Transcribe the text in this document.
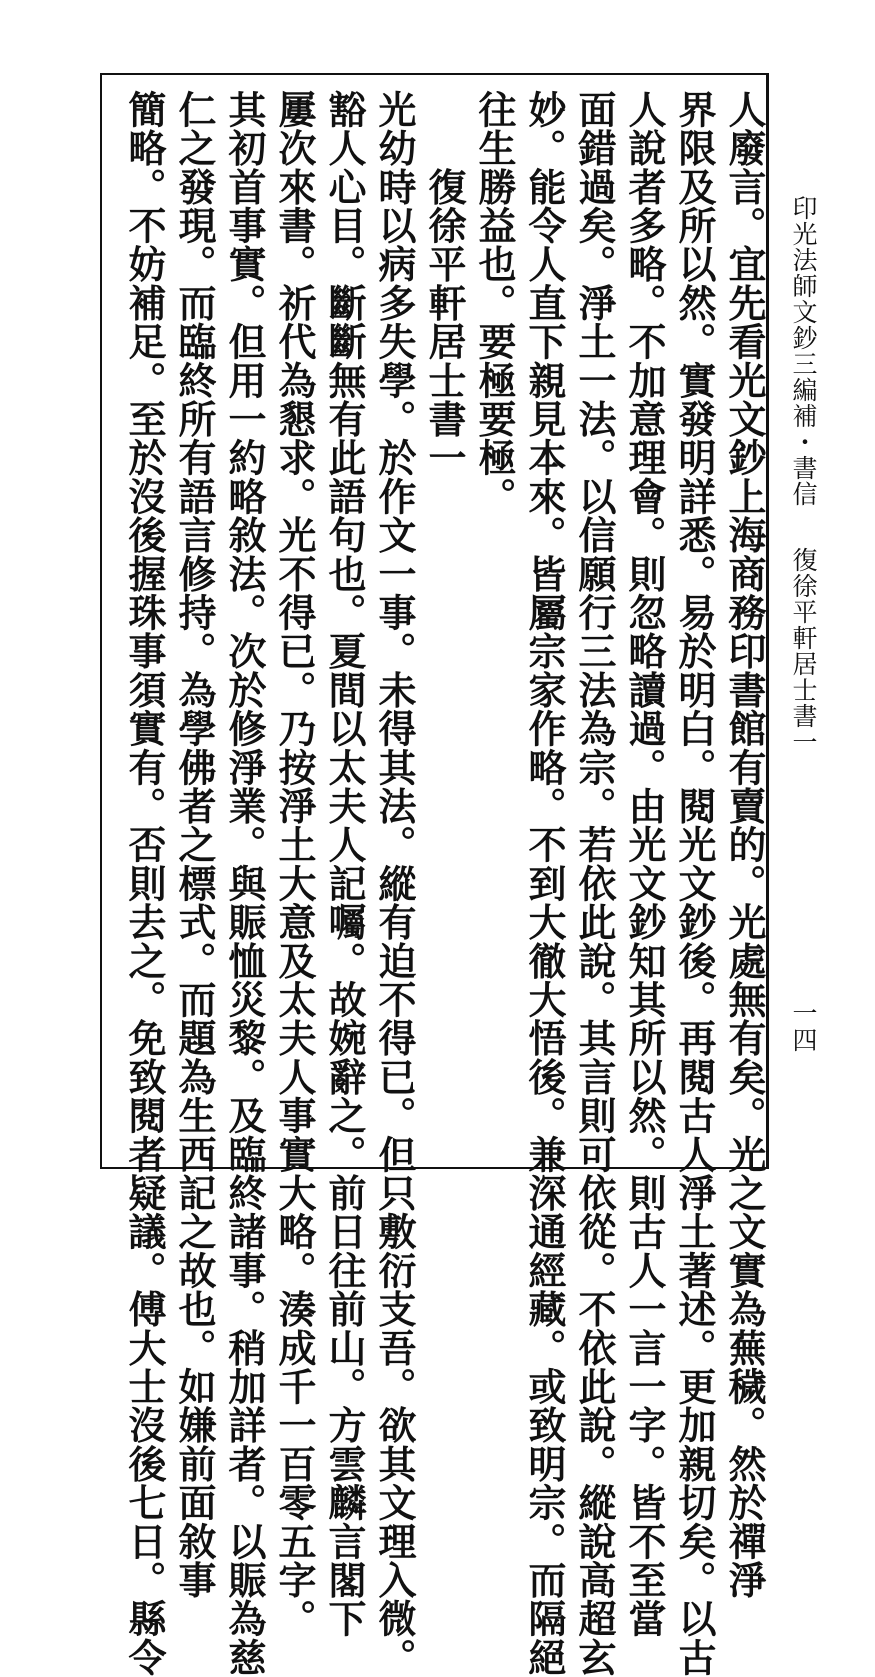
印光法師文鈔三編補・書信復徐平軒居士書一
一四
人廢言。宜先看光文鈔上海商務印書館有賣的。光處無有矣。光之文實為蕪穢。然於禪淨
界限及所以然。實發明詳悉。易於明白。閱光文鈔後。再閱古人淨土著述。更加親切矣。以古
人說者多略。不加意理會。則忽略讀過。由光文鈔知其所以然。則古人一言一字。皆不至當
面錯過矣。淨土一法。以信願行三法為宗。若依此說。其言則可依從。不依此說。縱說高超玄
妙。能令人直下親見本來。皆屬宗家作略。不到大徹大悟後。兼深通經藏。或致明宗。而隔絕
往生勝益也。要極要極。
　　復徐平軒居士書一
光幼時以病多失學。於作文一事。未得其法。縱有迫不得已。但只敷衍支吾。欲其文理入微。
豁人心目。斷斷無有此語句也。夏間以太夫人記囑。故婉辭之。前日往前山。方雲麟言閣下
屢次來書。祈代為懇求。光不得已。乃按淨土大意及太夫人事實大略。湊成千一百零五字。
其初首事實。但用一約略敘法。次於修淨業。與賑恤災黎。及臨終諸事。稍加詳者。以賑為慈
仁之發現。而臨終所有語言修持。為學佛者之標式。而題為生西記之故也。如嫌前面敘事
簡略。不妨補足。至於沒後握珠事須實有。否則去之。免致閱者疑議。傅大士沒後七日。縣令
